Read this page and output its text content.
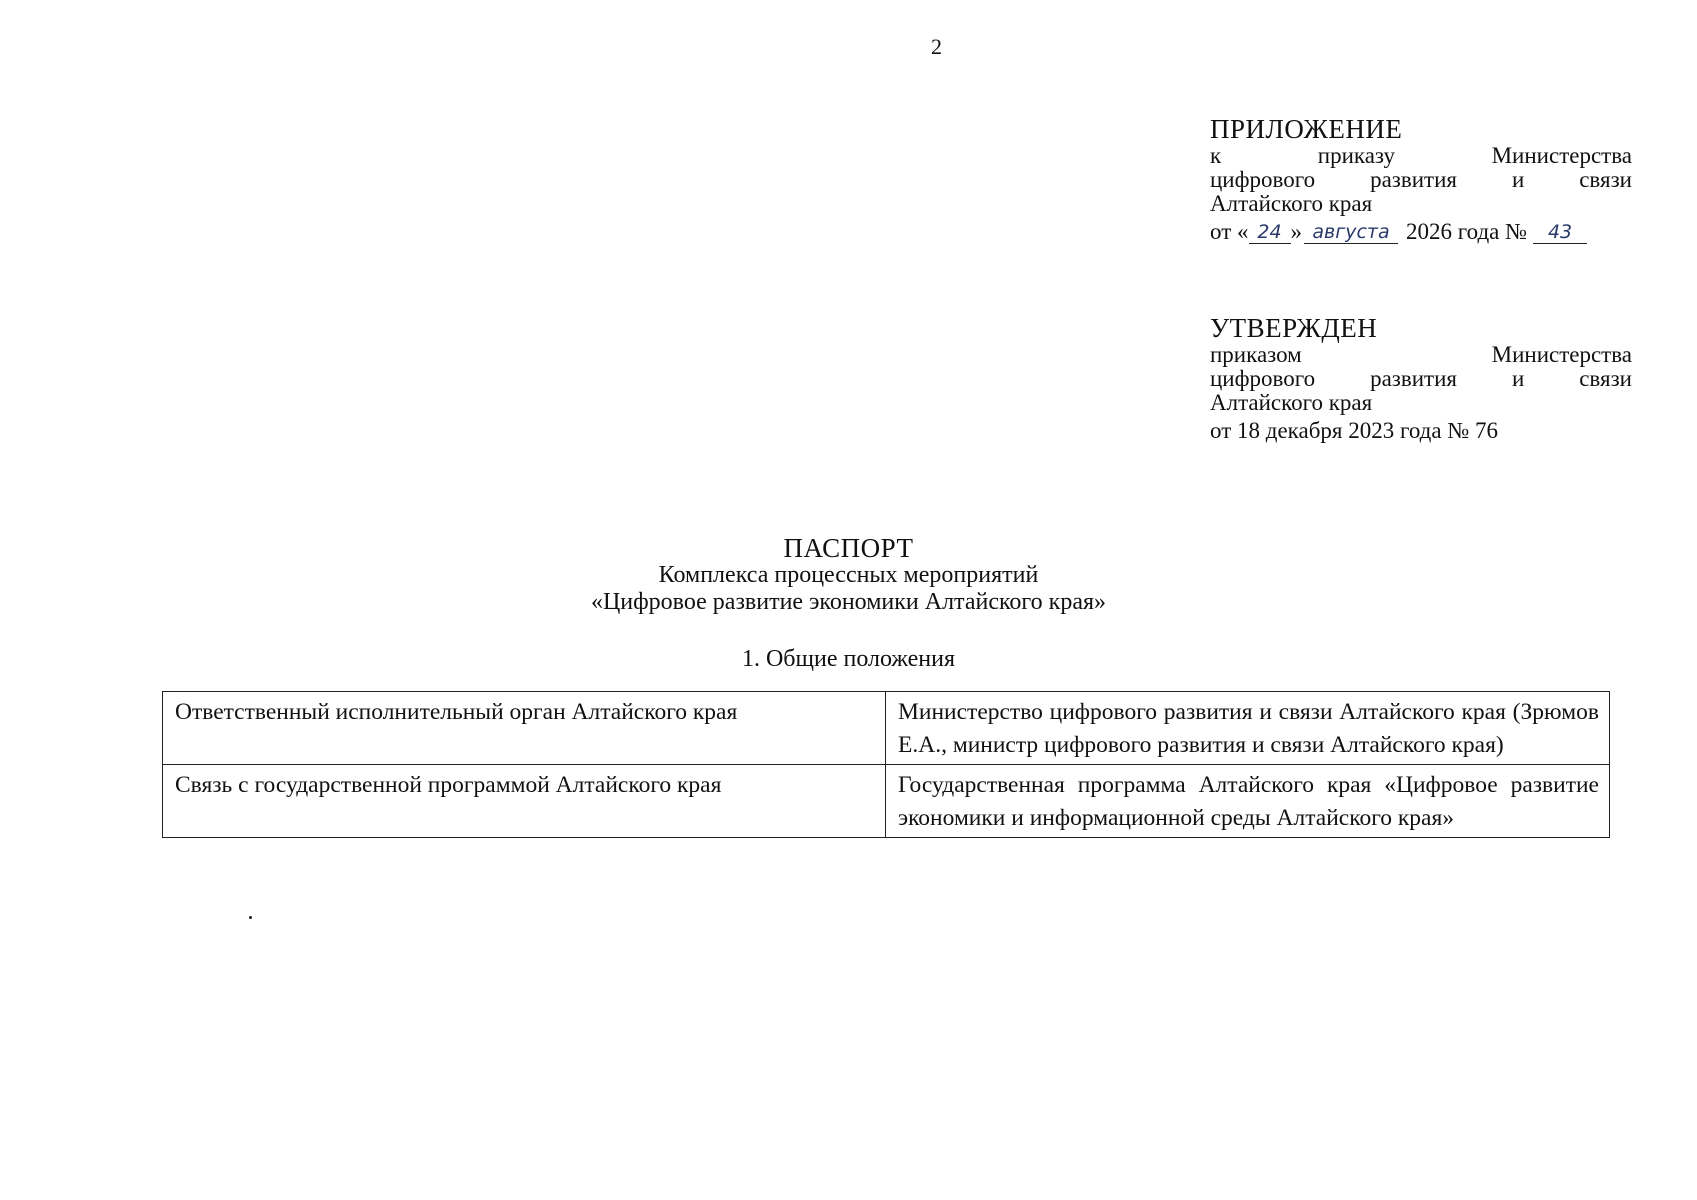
2
ПРИЛОЖЕНИЕ
к	приказу	Министерства
цифрового развития и связи
Алтайского края
от « 24 » августа 2026 года №	43
УТВЕРЖДЕН
приказом	Министерства
цифрового развития и связи
Алтайского края
от 18 декабря 2023 года № 76
ПАСПОРТ
Комплекса процессных мероприятий
«Цифровое развитие экономики Алтайского края»
1. Общие положения
Ответственный исполнительный орган Алтайского края	Министерство цифрового развития и связи Алтайского края (Зрюмов Е.А., министр цифрового развития и связи Алтайского края)
Связь с государственной программой Алтайского края	Государственная программа Алтайского края «Цифровое развитие экономики и информационной среды Алтайского края»
